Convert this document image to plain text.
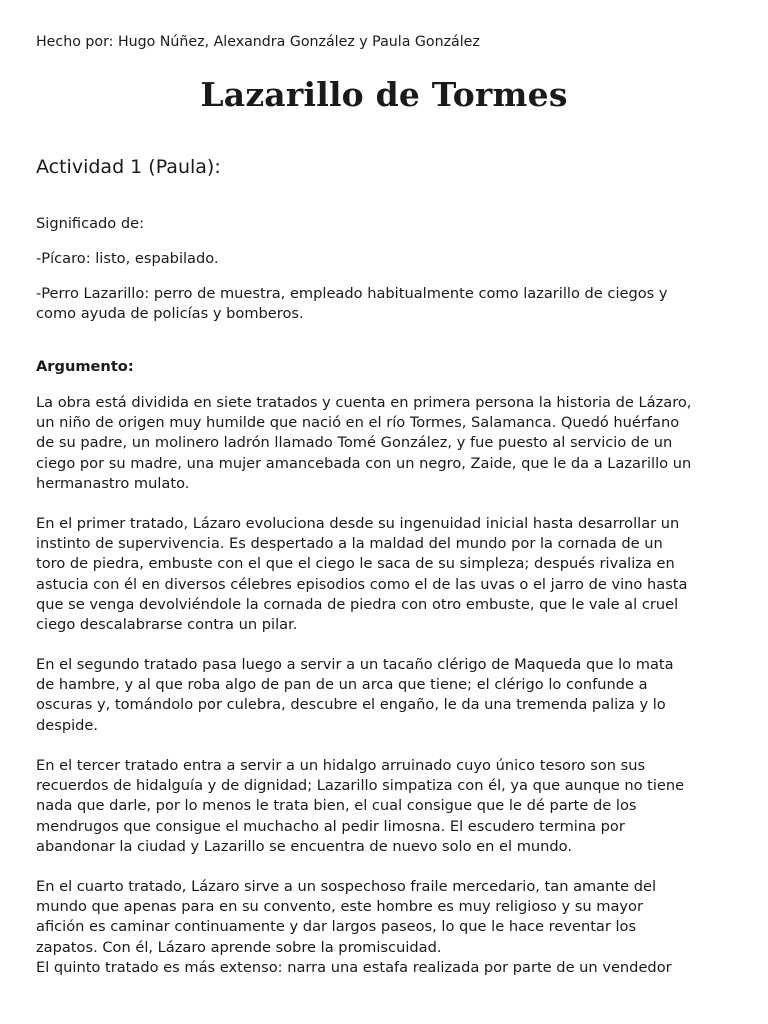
Hecho por: Hugo Núñez, Alexandra González y Paula González
Lazarillo de Tormes
Actividad 1 (Paula):

Significado de:

-Pícaro: listo, espabilado.

-Perro Lazarillo: perro de muestra, empleado habitualmente como lazarillo de ciegos y
como ayuda de policías y bomberos.

Argumento:

La obra está dividida en siete tratados y cuenta en primera persona la historia de Lázaro,
un niño de origen muy humilde que nació en el río Tormes, Salamanca. Quedó huérfano
de su padre, un molinero ladrón llamado Tomé González, y fue puesto al servicio de un
ciego por su madre, una mujer amancebada con un negro, Zaide, que le da a Lazarillo un
hermanastro mulato.

En el primer tratado, Lázaro evoluciona desde su ingenuidad inicial hasta desarrollar un
instinto de supervivencia. Es despertado a la maldad del mundo por la cornada de un
toro de piedra, embuste con el que el ciego le saca de su simpleza; después rivaliza en
astucia con él en diversos célebres episodios como el de las uvas o el jarro de vino hasta
que se venga devolviéndole la cornada de piedra con otro embuste, que le vale al cruel
ciego descalabrarse contra un pilar.

En el segundo tratado pasa luego a servir a un tacaño clérigo de Maqueda que lo mata
de hambre, y al que roba algo de pan de un arca que tiene; el clérigo lo confunde a
oscuras y, tomándolo por culebra, descubre el engaño, le da una tremenda paliza y lo
despide.

En el tercer tratado entra a servir a un hidalgo arruinado cuyo único tesoro son sus
recuerdos de hidalguía y de dignidad; Lazarillo simpatiza con él, ya que aunque no tiene
nada que darle, por lo menos le trata bien, el cual consigue que le dé parte de los
mendrugos que consigue el muchacho al pedir limosna. El escudero termina por
abandonar la ciudad y Lazarillo se encuentra de nuevo solo en el mundo.

En el cuarto tratado, Lázaro sirve a un sospechoso fraile mercedario, tan amante del
mundo que apenas para en su convento, este hombre es muy religioso y su mayor
afición es caminar continuamente y dar largos paseos, lo que le hace reventar los
zapatos. Con él, Lázaro aprende sobre la promiscuidad.
El quinto tratado es más extenso: narra una estafa realizada por parte de un vendedor
